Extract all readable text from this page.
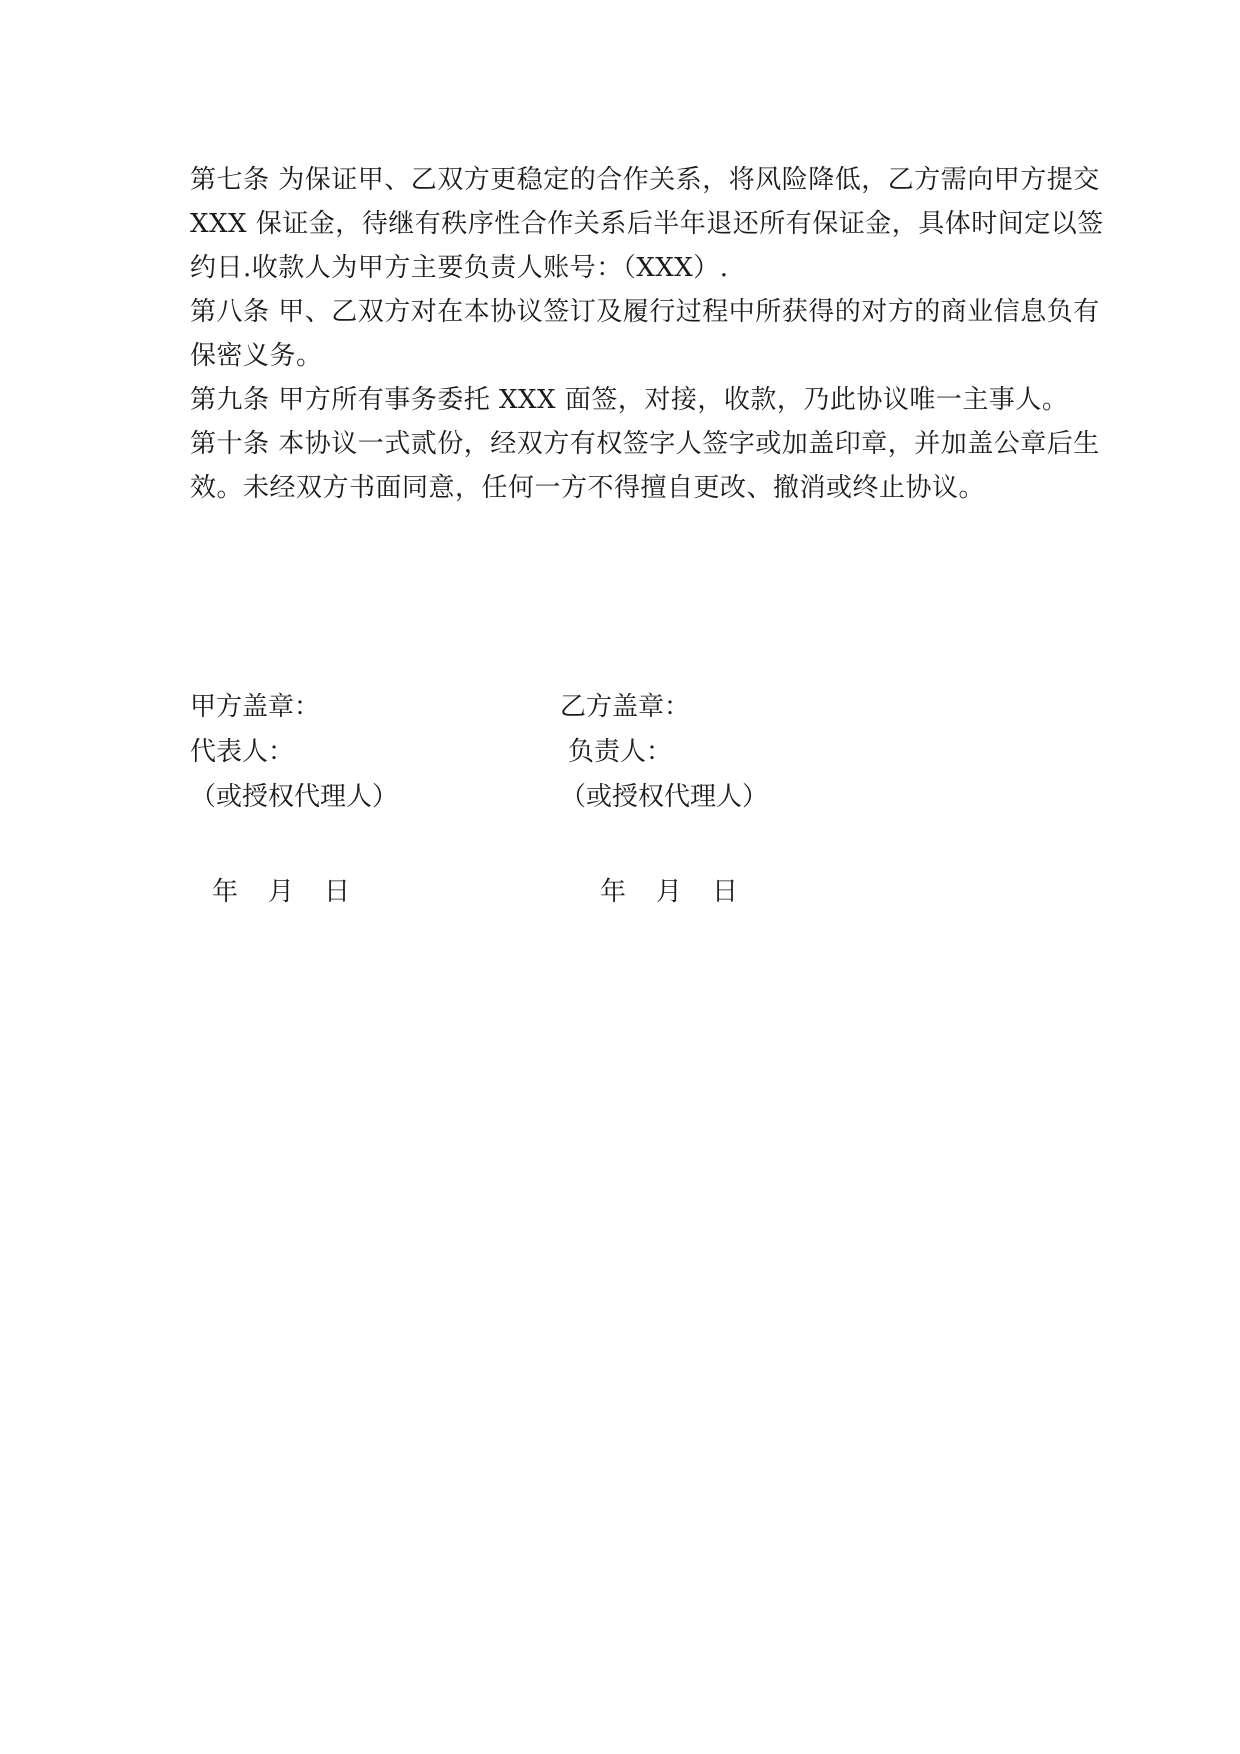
第七条 为保证甲、乙双方更稳定的合作关系，将风险降低，乙方需向甲方提交
XXX 保证金，待继有秩序性合作关系后半年退还所有保证金，具体时间定以签
约日.收款人为甲方主要负责人账号：（XXX）.
第八条 甲、乙双方对在本协议签订及履行过程中所获得的对方的商业信息负有
保密义务。
第九条 甲方所有事务委托 XXX 面签，对接，收款，乃此协议唯一主事人。
第十条 本协议一式贰份，经双方有权签字人签字或加盖印章，并加盖公章后生
效。未经双方书面同意，任何一方不得擅自更改、撤消或终止协议。
甲方盖章：
代表人：
（或授权代理人）
年 月 日
乙方盖章：
负责人：
（或授权代理人）
年 月 日
